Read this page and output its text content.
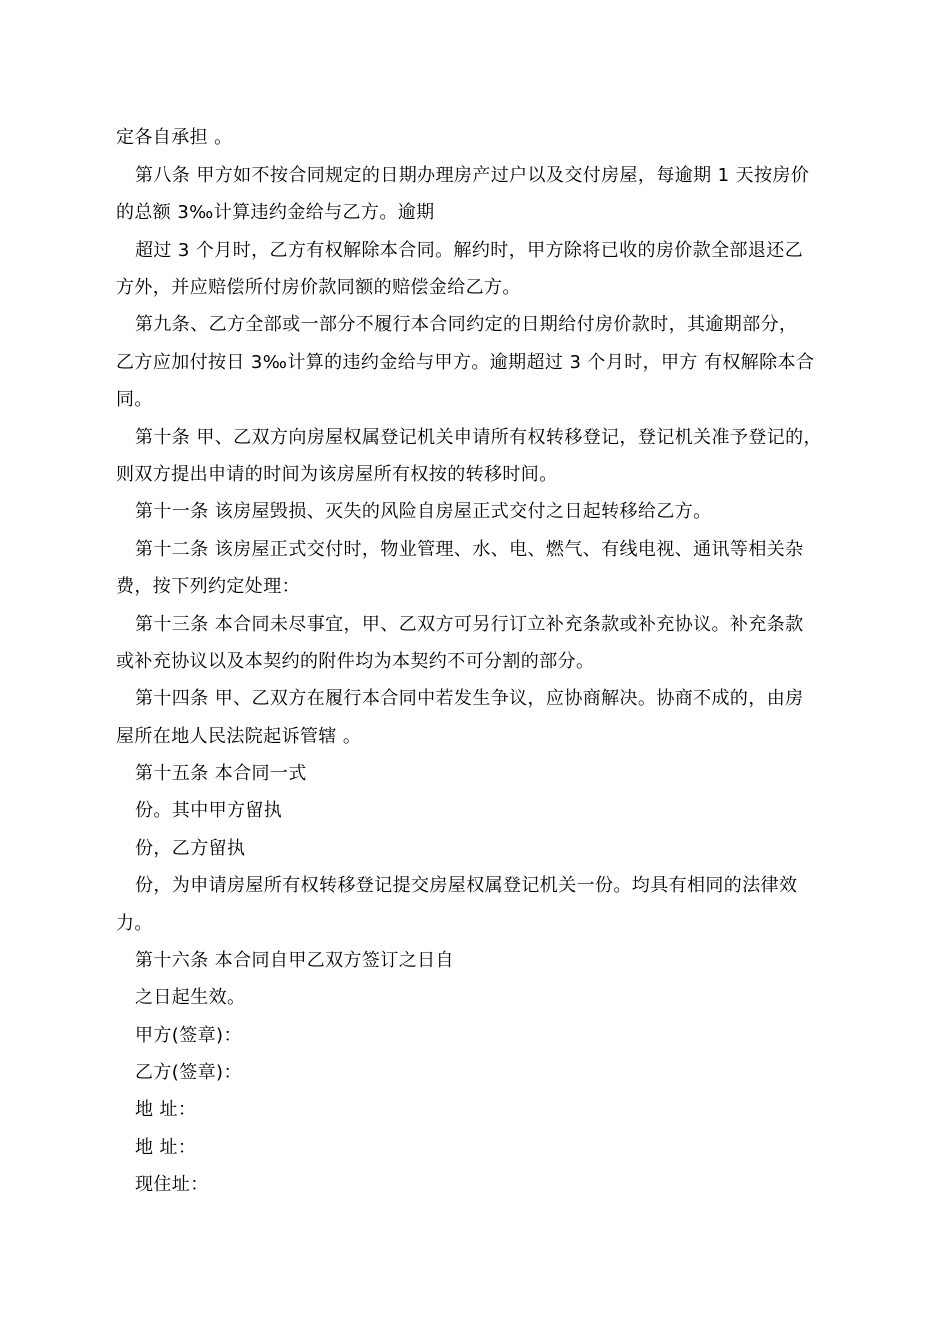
定各自承担 。
第八条 甲方如不按合同规定的日期办理房产过户以及交付房屋，每逾期 1 天按房价
的总额 3‰计算违约金给与乙方。逾期
超过 3 个月时，乙方有权解除本合同。解约时，甲方除将已收的房价款全部退还乙
方外，并应赔偿所付房价款同额的赔偿金给乙方。
第九条、乙方全部或一部分不履行本合同约定的日期给付房价款时，其逾期部分，
乙方应加付按日 3‰计算的违约金给与甲方。逾期超过 3 个月时，甲方 有权解除本合
同。
第十条 甲、乙双方向房屋权属登记机关申请所有权转移登记，登记机关准予登记的，
则双方提出申请的时间为该房屋所有权按的转移时间。
第十一条 该房屋毁损、灭失的风险自房屋正式交付之日起转移给乙方。
第十二条 该房屋正式交付时，物业管理、水、电、燃气、有线电视、通讯等相关杂
费，按下列约定处理：
第十三条 本合同未尽事宜，甲、乙双方可另行订立补充条款或补充协议。补充条款
或补充协议以及本契约的附件均为本契约不可分割的部分。
第十四条 甲、乙双方在履行本合同中若发生争议，应协商解决。协商不成的，由房
屋所在地人民法院起诉管辖 。
第十五条 本合同一式
份。其中甲方留执
份，乙方留执
份，为申请房屋所有权转移登记提交房屋权属登记机关一份。均具有相同的法律效
力。
第十六条 本合同自甲乙双方签订之日自
之日起生效。
甲方(签章)：
乙方(签章)：
地 址：
地 址：
现住址：
